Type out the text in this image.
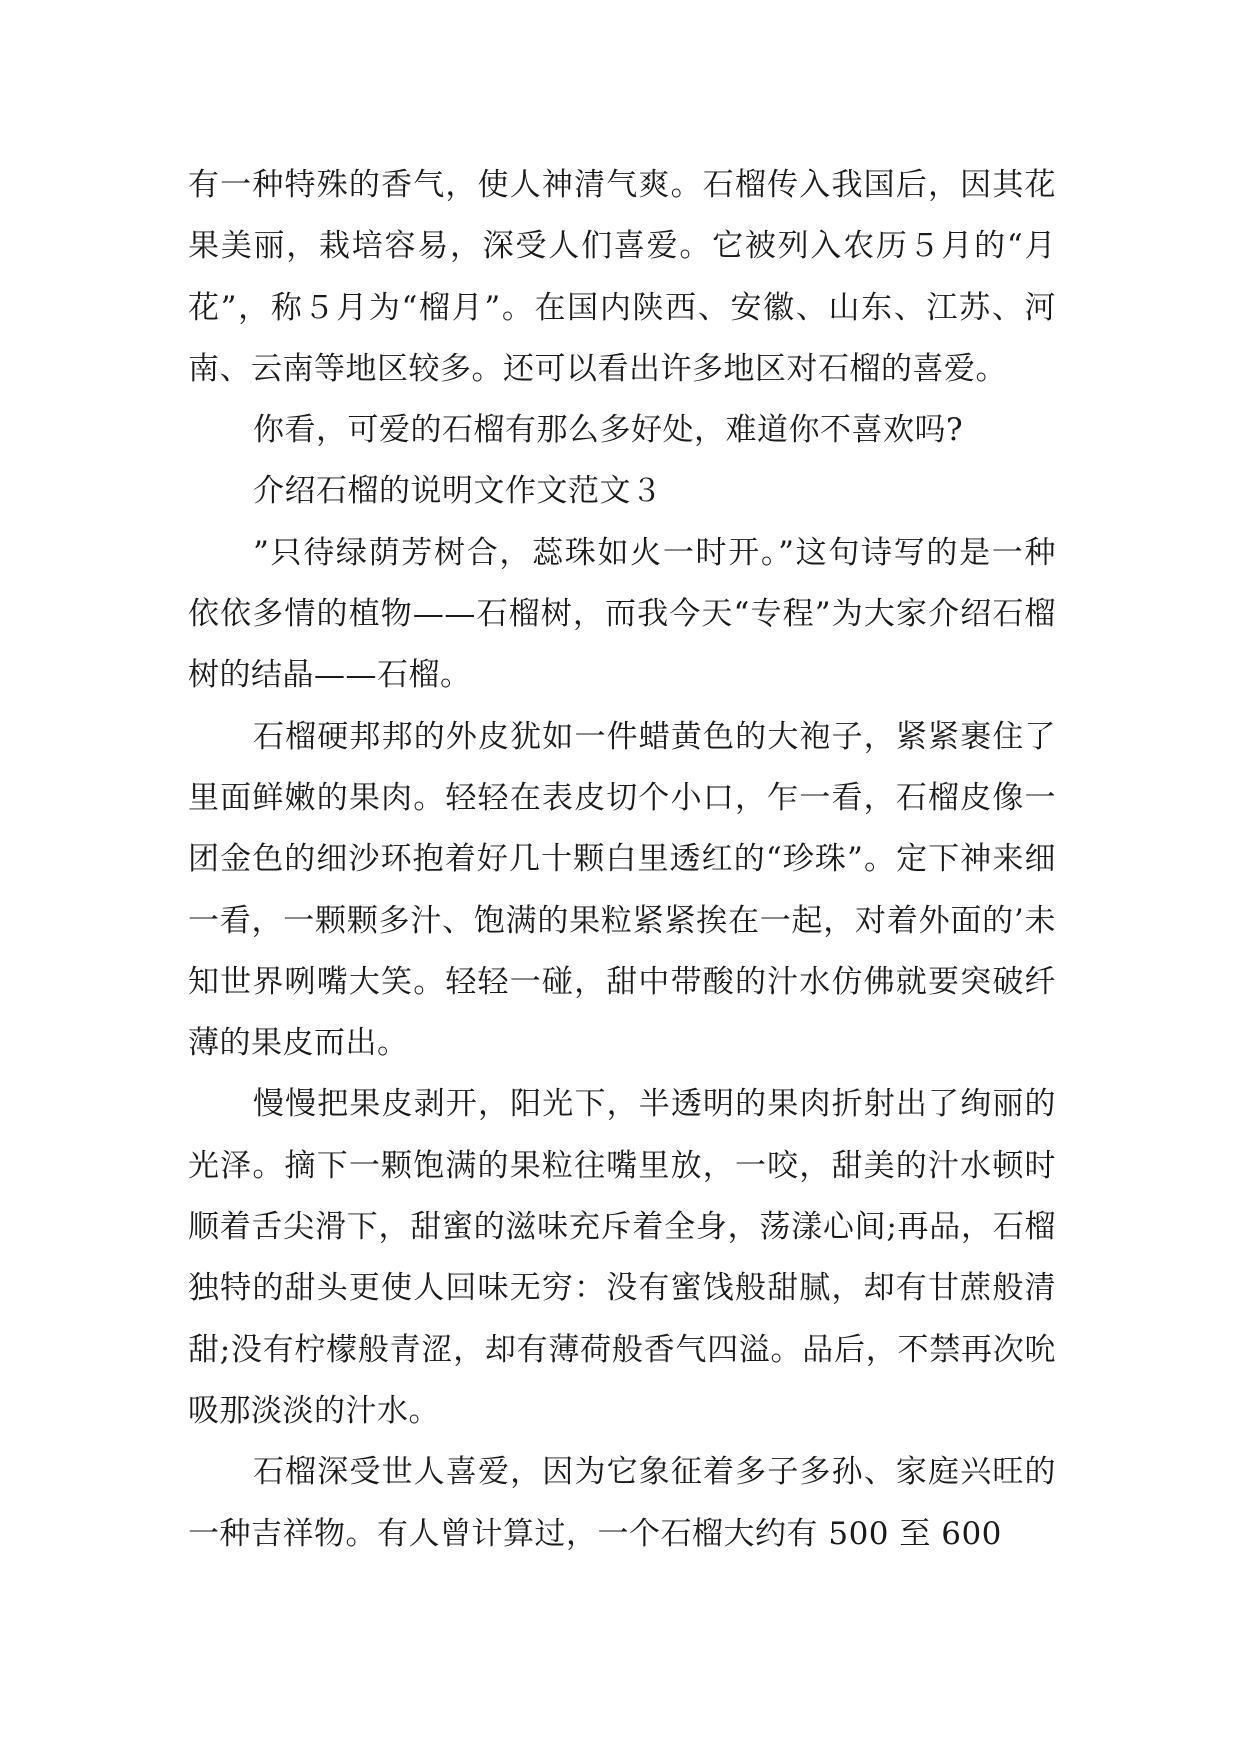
有一种特殊的香气，使人神清气爽。石榴传入我国后，因其花果美丽，栽培容易，深受人们喜爱。它被列入农历５月的“月花”，称５月为“榴月”。在国内陕西、安徽、山东、江苏、河南、云南等地区较多。还可以看出许多地区对石榴的喜爱。

你看，可爱的石榴有那么多好处，难道你不喜欢吗?

介绍石榴的说明文作文范文３

”只待绿荫芳树合，蕊珠如火一时开。”这句诗写的是一种依依多情的植物——石榴树，而我今天“专程”为大家介绍石榴树的结晶——石榴。

石榴硬邦邦的外皮犹如一件蜡黄色的大袍子，紧紧裹住了里面鲜嫩的果肉。轻轻在表皮切个小口，乍一看，石榴皮像一团金色的细沙环抱着好几十颗白里透红的“珍珠”。定下神来细一看，一颗颗多汁、饱满的果粒紧紧挨在一起，对着外面的’未知世界咧嘴大笑。轻轻一碰，甜中带酸的汁水仿佛就要突破纤薄的果皮而出。

慢慢把果皮剥开，阳光下，半透明的果肉折射出了绚丽的光泽。摘下一颗饱满的果粒往嘴里放，一咬，甜美的汁水顿时顺着舌尖滑下，甜蜜的滋味充斥着全身，荡漾心间;再品，石榴独特的甜头更使人回味无穷：没有蜜饯般甜腻，却有甘蔗般清甜;没有柠檬般青涩，却有薄荷般香气四溢。品后，不禁再次吮吸那淡淡的汁水。

石榴深受世人喜爱，因为它象征着多子多孙、家庭兴旺的一种吉祥物。有人曾计算过，一个石榴大约有 500 至 600
